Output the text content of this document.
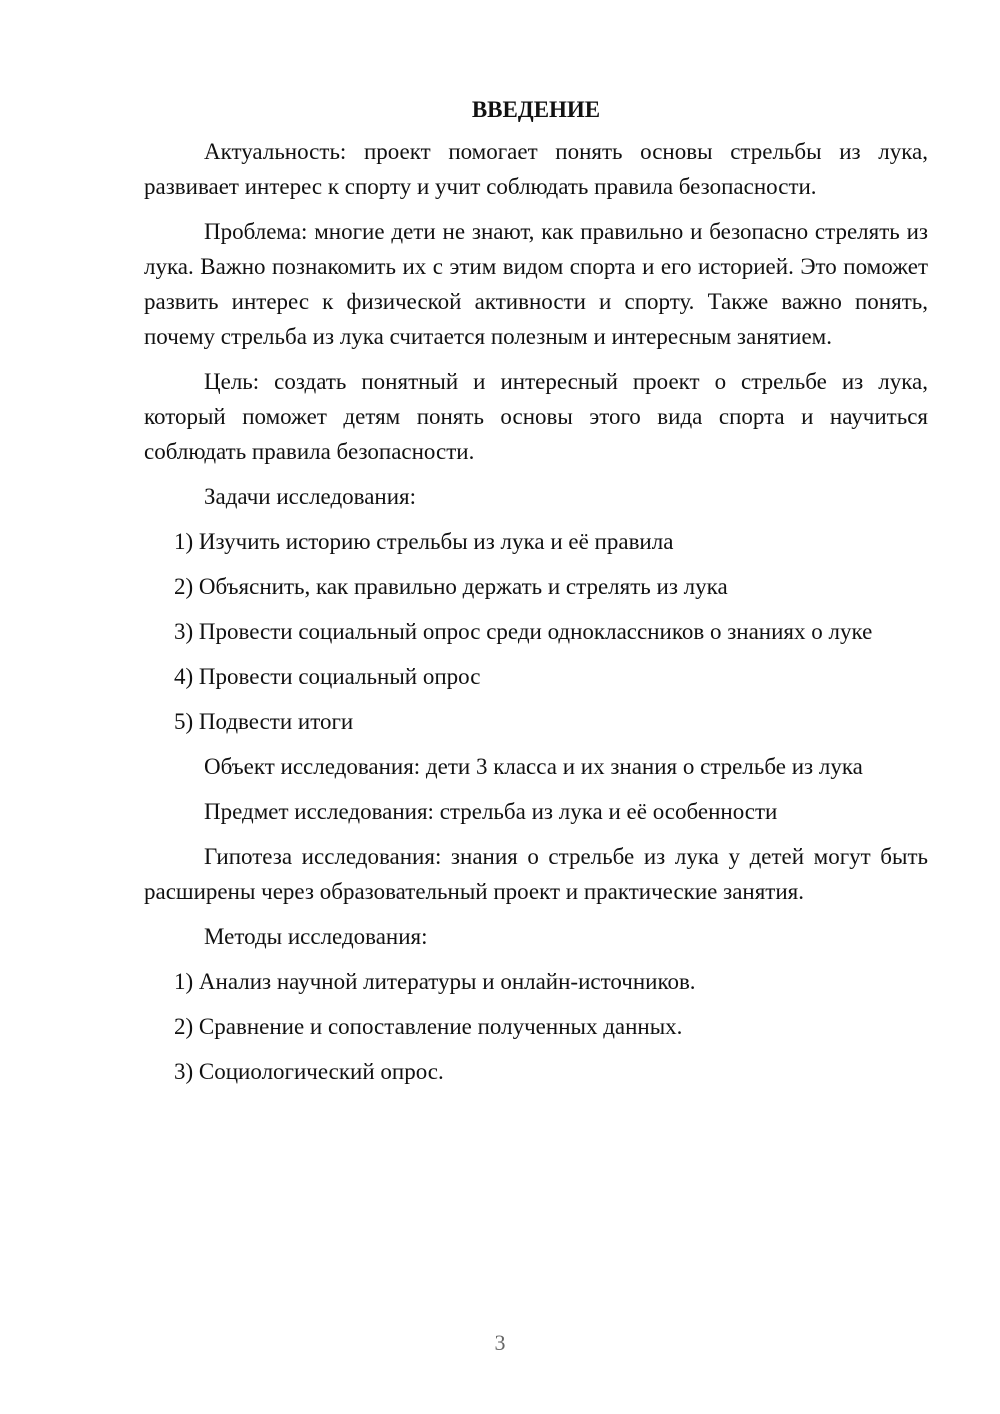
ВВЕДЕНИЕ

Актуальность: проект помогает понять основы стрельбы из лука, развивает интерес к спорту и учит соблюдать правила безопасности.

Проблема: многие дети не знают, как правильно и безопасно стрелять из лука. Важно познакомить их с этим видом спорта и его историей. Это поможет развить интерес к физической активности и спорту. Также важно понять, почему стрельба из лука считается полезным и интересным занятием.

Цель: создать понятный и интересный проект о стрельбе из лука, который поможет детям понять основы этого вида спорта и научиться соблюдать правила безопасности.

Задачи исследования:
1) Изучить историю стрельбы из лука и её правила
2) Объяснить, как правильно держать и стрелять из лука
3) Провести социальный опрос среди одноклассников о знаниях о луке
4) Провести социальный опрос
5) Подвести итоги
Объект исследования: дети 3 класса и их знания о стрельбе из лука
Предмет исследования: стрельба из лука и её особенности

Гипотеза исследования: знания о стрельбе из лука у детей могут быть расширены через образовательный проект и практические занятия.

Методы исследования:
1) Анализ научной литературы и онлайн-источников.
2) Сравнение и сопоставление полученных данных.
3) Социологический опрос.
3
